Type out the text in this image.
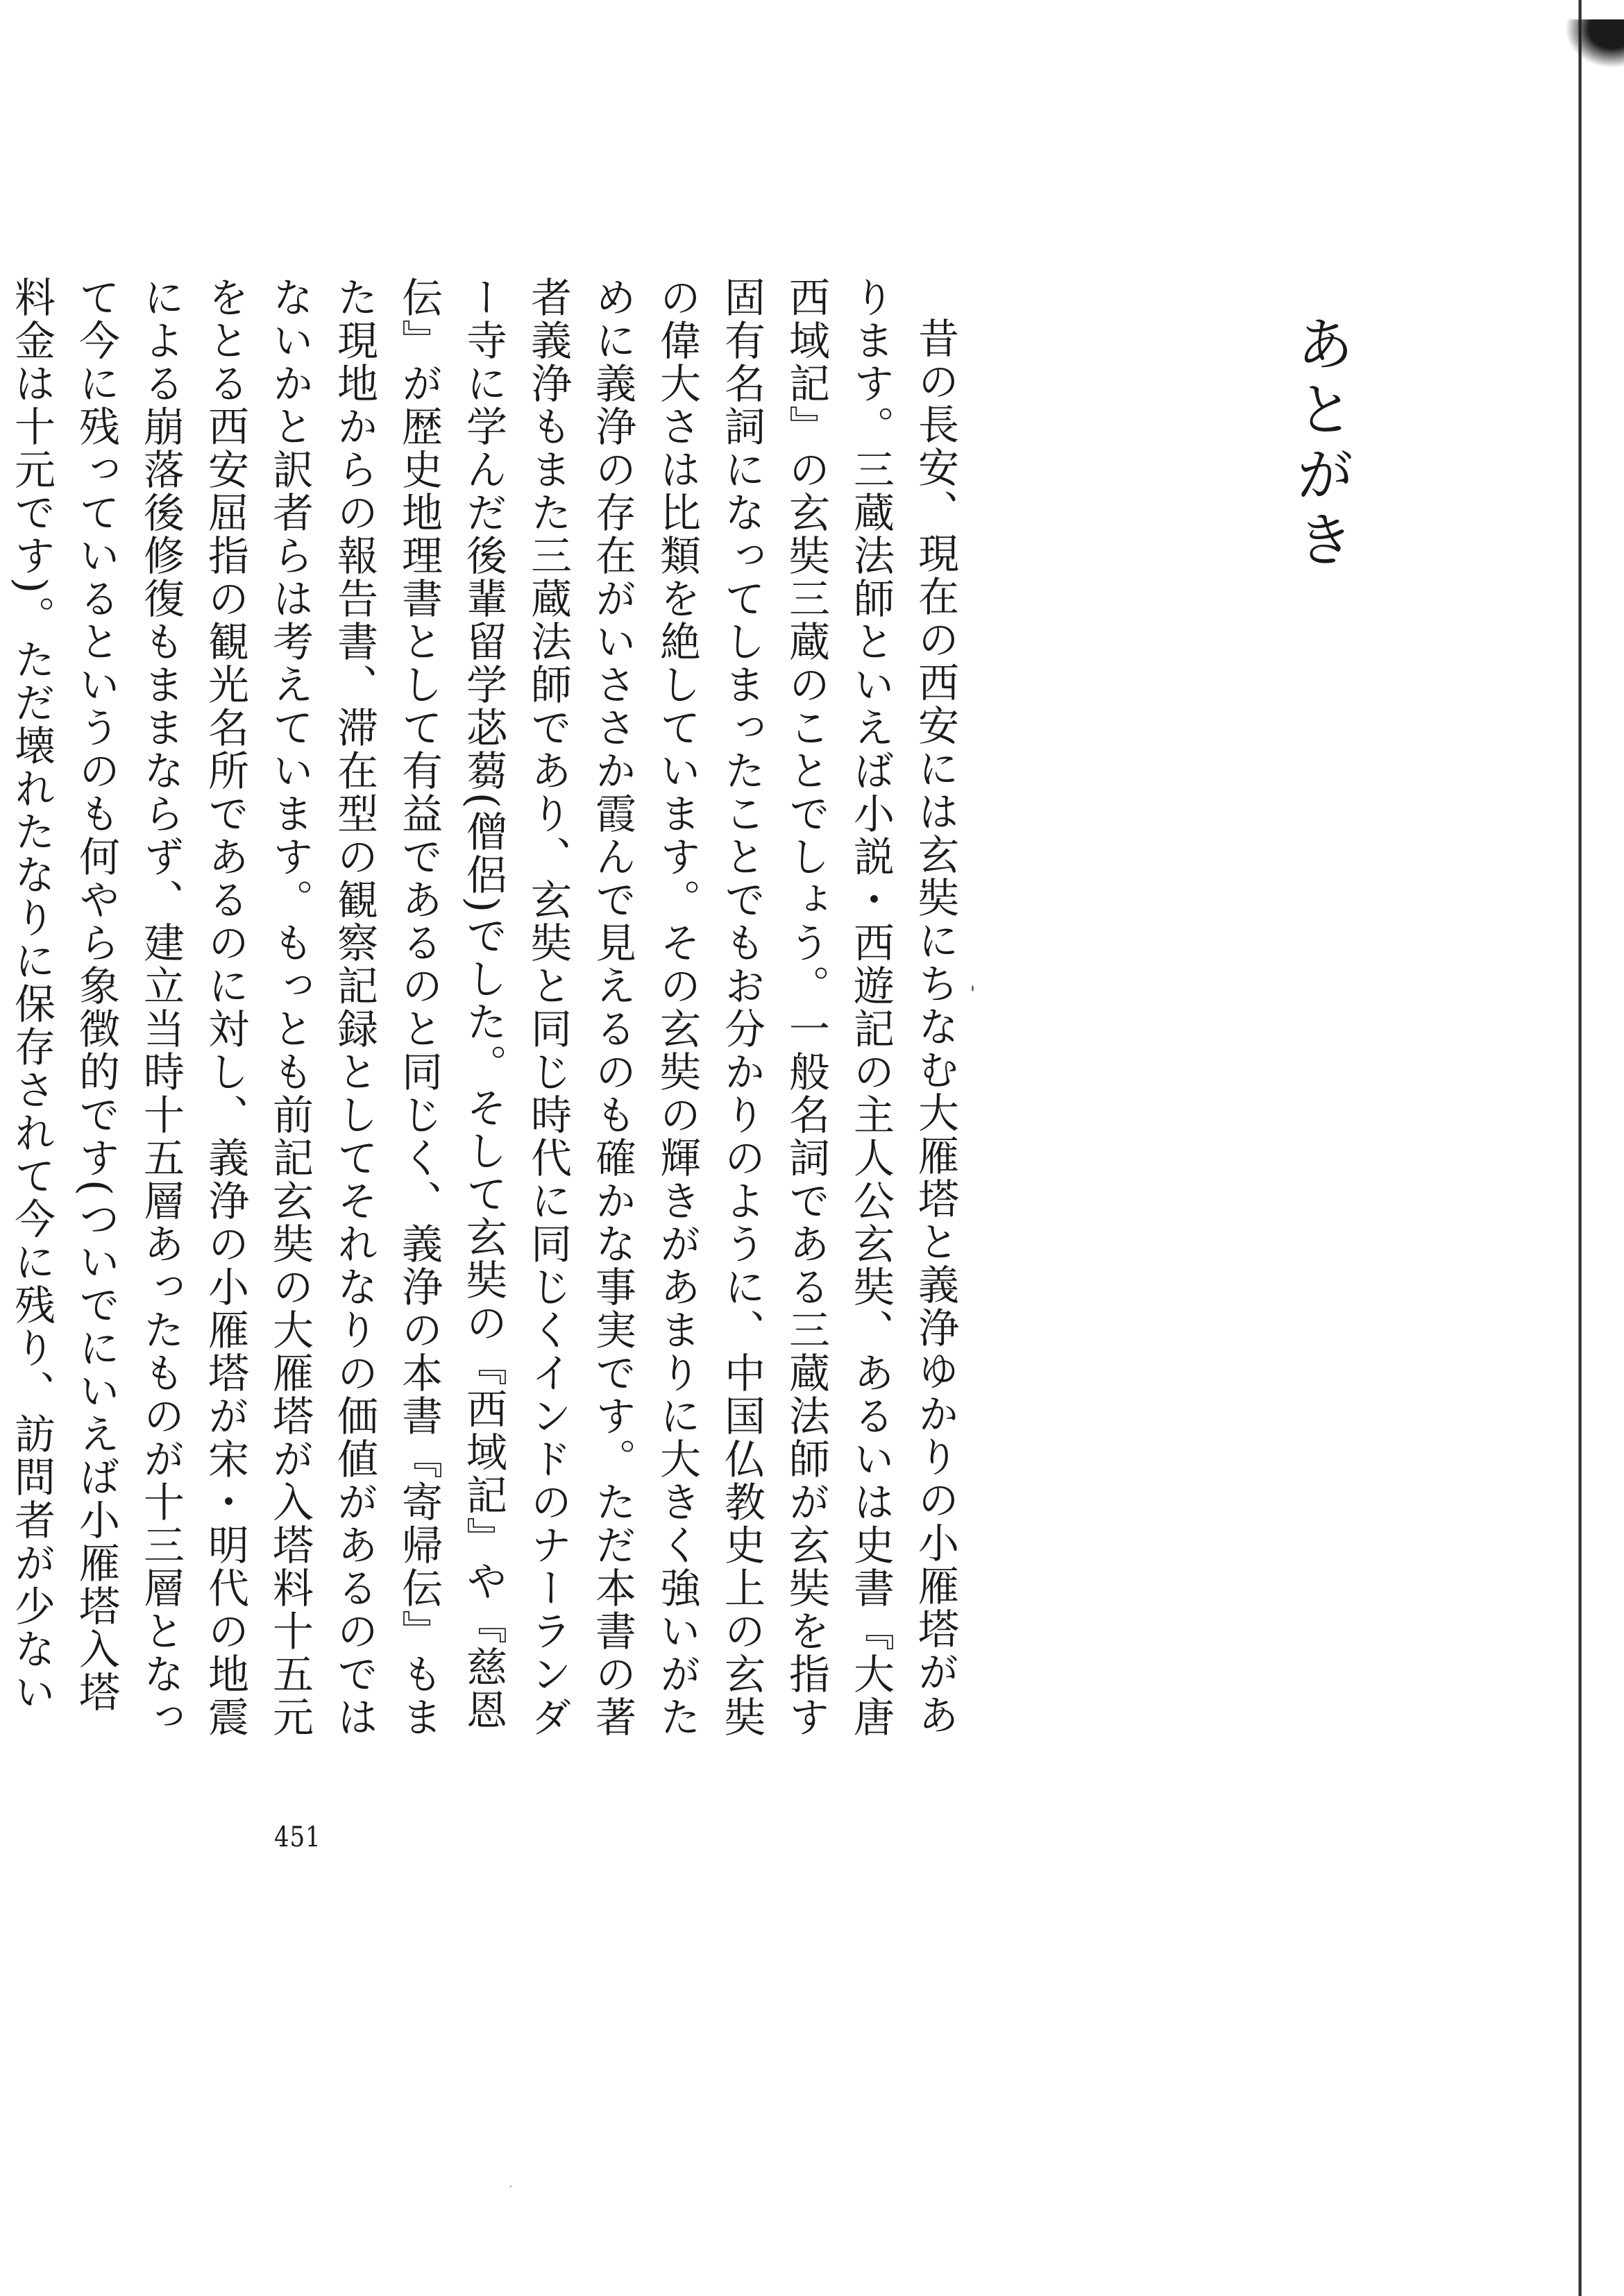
あとがき

昔の長安、現在の西安には玄奘にちなむ大雁塔と義浄ゆかりの小雁塔があります。三蔵法師といえば小説・西遊記の主人公玄奘、あるいは史書『大唐西域記』の玄奘三蔵のことでしょう。一般名詞である三蔵法師が玄奘を指す固有名詞になってしまったことでもお分かりのように、中国仏教史上の玄奘の偉大さは比類を絶しています。その玄奘の輝きがあまりに大きく強いがために義浄の存在がいささか霞んで見えるのも確かな事実です。ただ本書の著者義浄もまた三蔵法師であり、玄奘と同じ時代に同じくインドのナーランダー寺に学んだ後輩留学苾蒭(僧侶)でした。そして玄奘の『西域記』や『慈恩伝』が歴史地理書として有益であるのと同じく、義浄の本書『寄帰伝』もまた現地からの報告書、滞在型の観察記録としてそれなりの価値があるのではないかと訳者らは考えています。もっとも前記玄奘の大雁塔が入塔料十五元をとる西安屈指の観光名所であるのに対し、義浄の小雁塔が宋・明代の地震による崩落後修復もままならず、建立当時十五層あったものが十三層となって今に残っているというのも何やら象徴的です(ついでにいえば小雁塔入塔料金は十元です)。ただ壊れたなりに保存されて今に残り、訪問者が少ない

451
